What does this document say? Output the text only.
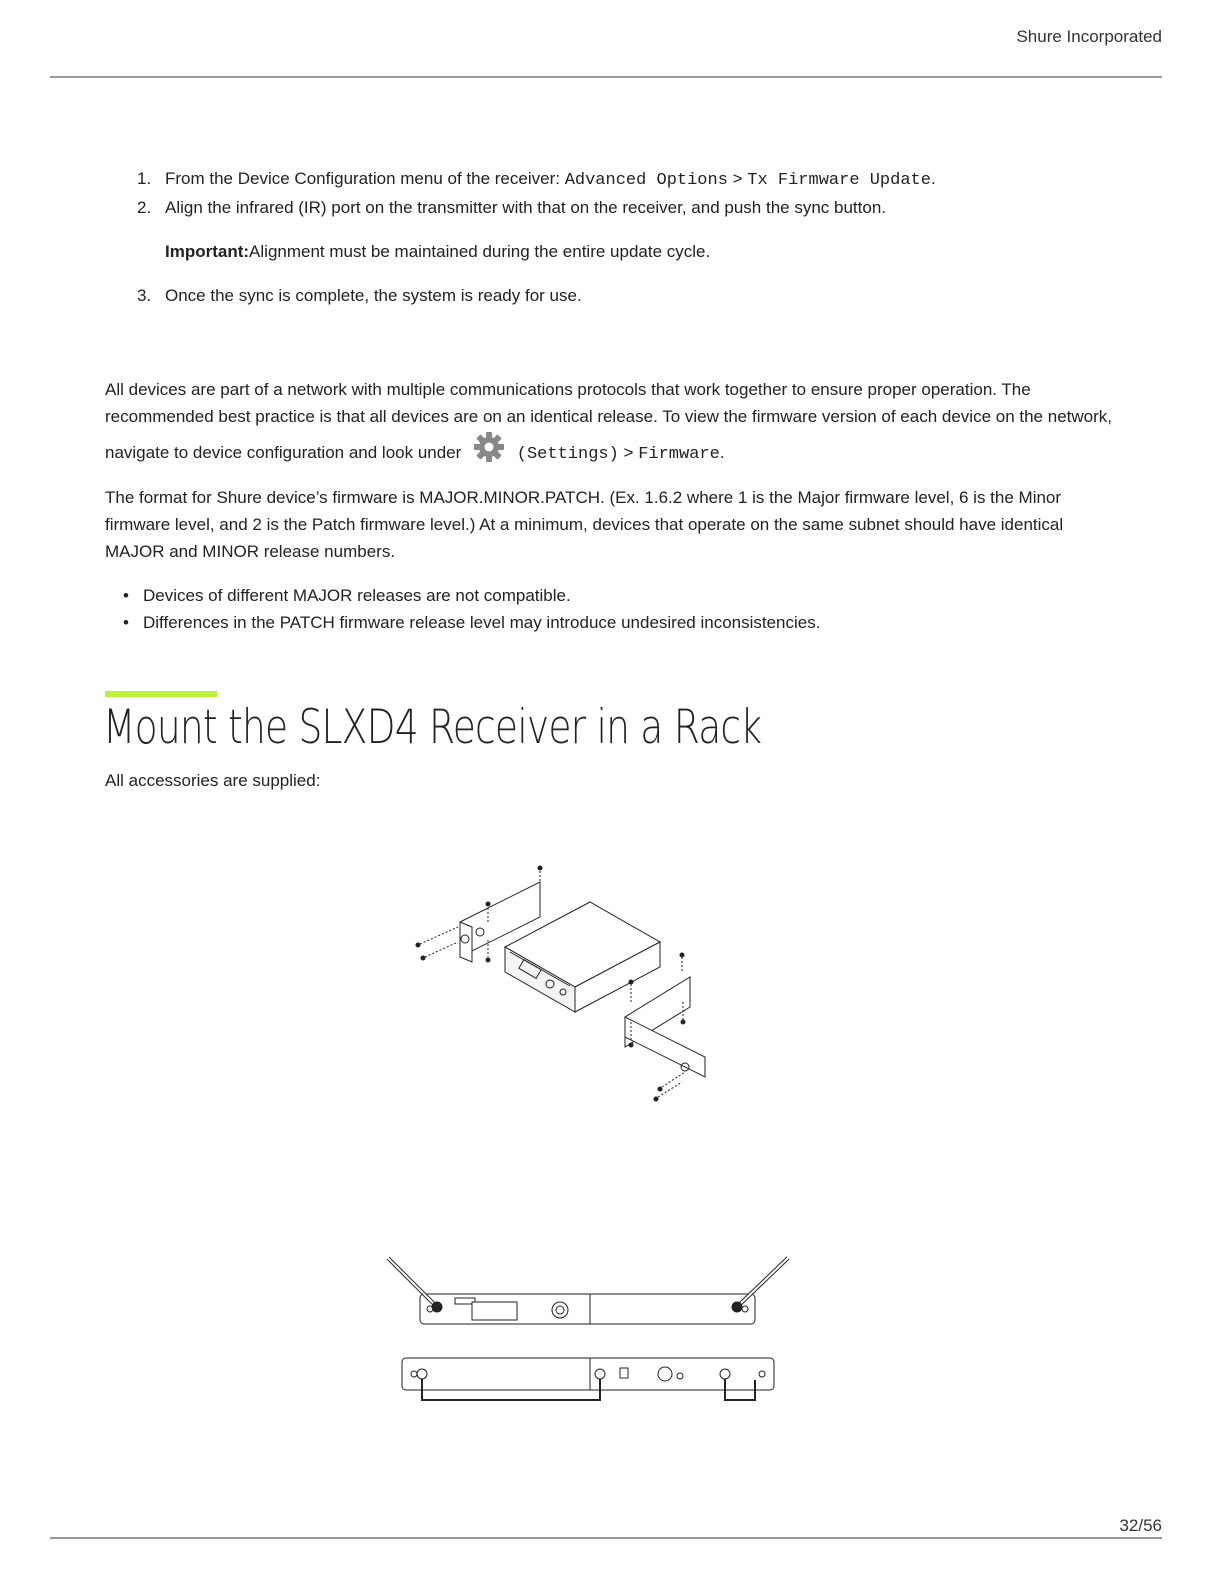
Shure Incorporated
1. From the Device Configuration menu of the receiver: Advanced Options > Tx Firmware Update.
2. Align the infrared (IR) port on the transmitter with that on the receiver, and push the sync button.
Important:Alignment must be maintained during the entire update cycle.
3. Once the sync is complete, the system is ready for use.
All devices are part of a network with multiple communications protocols that work together to ensure proper operation. The recommended best practice is that all devices are on an identical release. To view the firmware version of each device on the network, navigate to device configuration and look under	(Settings) > Firmware.
The format for Shure device’s firmware is MAJOR.MINOR.PATCH. (Ex. 1.6.2 where 1 is the Major firmware level, 6 is the Minor firmware level, and 2 is the Patch firmware level.) At a minimum, devices that operate on the same subnet should have identical MAJOR and MINOR release numbers.
• Devices of different MAJOR releases are not compatible.
• Differences in the PATCH firmware release level may introduce undesired inconsistencies.
Mount the SLXD4 Receiver in a Rack
All accessories are supplied:
32/56
